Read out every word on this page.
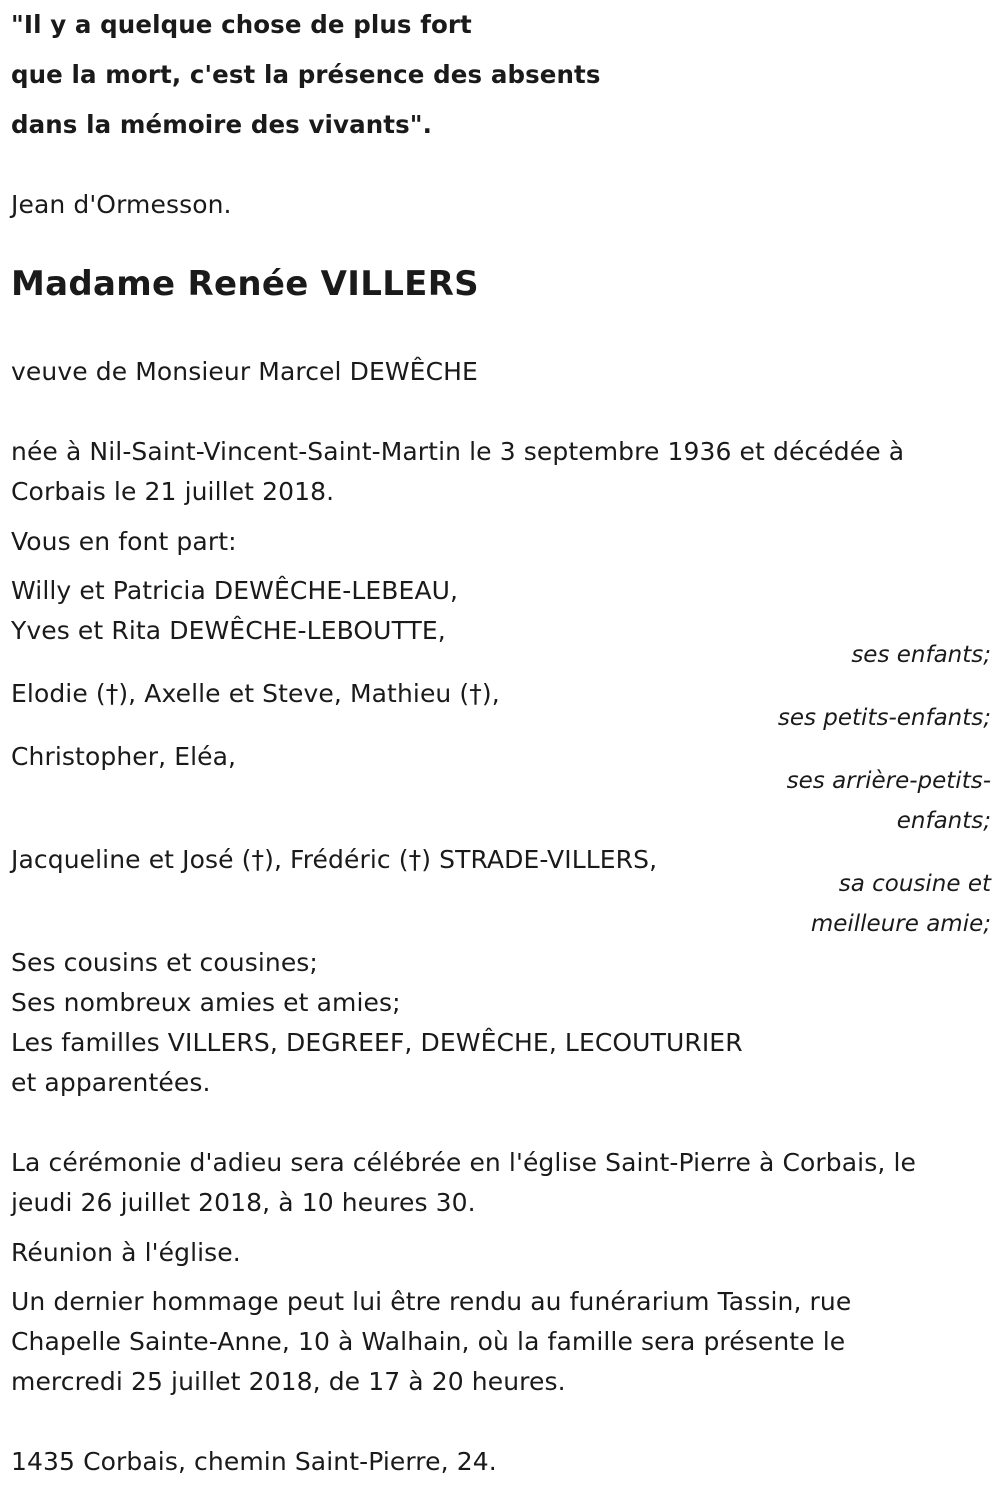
"Il y a quelque chose de plus fort
que la mort, c'est la présence des absents
dans la mémoire des vivants".
Jean d'Ormesson.
Madame Renée VILLERS
veuve de Monsieur Marcel DEWÊCHE
née à Nil-Saint-Vincent-Saint-Martin le 3 septembre 1936 et décédée à
Corbais le 21 juillet 2018.
Vous en font part:
Willy et Patricia DEWÊCHE-LEBEAU,
Yves et Rita DEWÊCHE-LEBOUTTE,
ses enfants;
Elodie (†), Axelle et Steve, Mathieu (†),
ses petits-enfants;
Christopher, Eléa,
ses arrière-petits-
enfants;
Jacqueline et José (†), Frédéric (†) STRADE-VILLERS,
sa cousine et
meilleure amie;
Ses cousins et cousines;
Ses nombreux amies et amies;
Les familles VILLERS, DEGREEF, DEWÊCHE, LECOUTURIER
et apparentées.
La cérémonie d'adieu sera célébrée en l'église Saint-Pierre à Corbais, le
jeudi 26 juillet 2018, à 10 heures 30.
Réunion à l'église.
Un dernier hommage peut lui être rendu au funérarium Tassin, rue
Chapelle Sainte-Anne, 10 à Walhain, où la famille sera présente le
mercredi 25 juillet 2018, de 17 à 20 heures.
1435 Corbais, chemin Saint-Pierre, 24.
